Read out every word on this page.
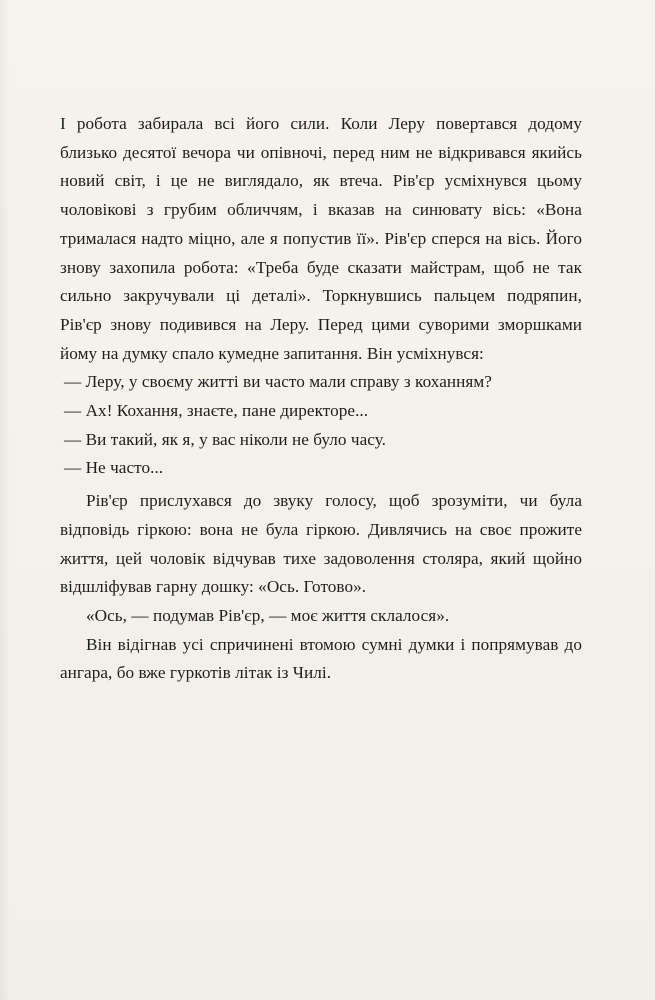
І робота забирала всі його сили. Коли Леру повертався додому близько десятої вечора чи опівночі, перед ним не відкривався якийсь новий світ, і це не виглядало, як втеча. Рів'єр усміхнувся цьому чоловікові з грубим обличчям, і вказав на синювату вісь: «Вона трималася надто міцно, але я попустив її». Рів'єр сперся на вісь. Його знову захопила робота: «Треба буде сказати майстрам, щоб не так сильно закручували ці деталі». Торкнувшись пальцем подряпин, Рів'єр знову подивився на Леру. Перед цими суворими зморшками йому на думку спало кумедне запитання. Він усміхнувся:

— Леру, у своєму житті ви часто мали справу з коханням?

— Ах! Кохання, знаєте, пане директоре...

— Ви такий, як я, у вас ніколи не було часу.

— Не часто...

Рів'єр прислухався до звуку голосу, щоб зрозуміти, чи була відповідь гіркою: вона не була гіркою. Дивлячись на своє прожите життя, цей чоловік відчував тихе задоволення столяра, який щойно відшліфував гарну дошку: «Ось. Готово».

«Ось, — подумав Рів'єр, — моє життя склалося».

Він відігнав усі спричинені втомою сумні думки і попрямував до ангара, бо вже гуркотів літак із Чилі.
